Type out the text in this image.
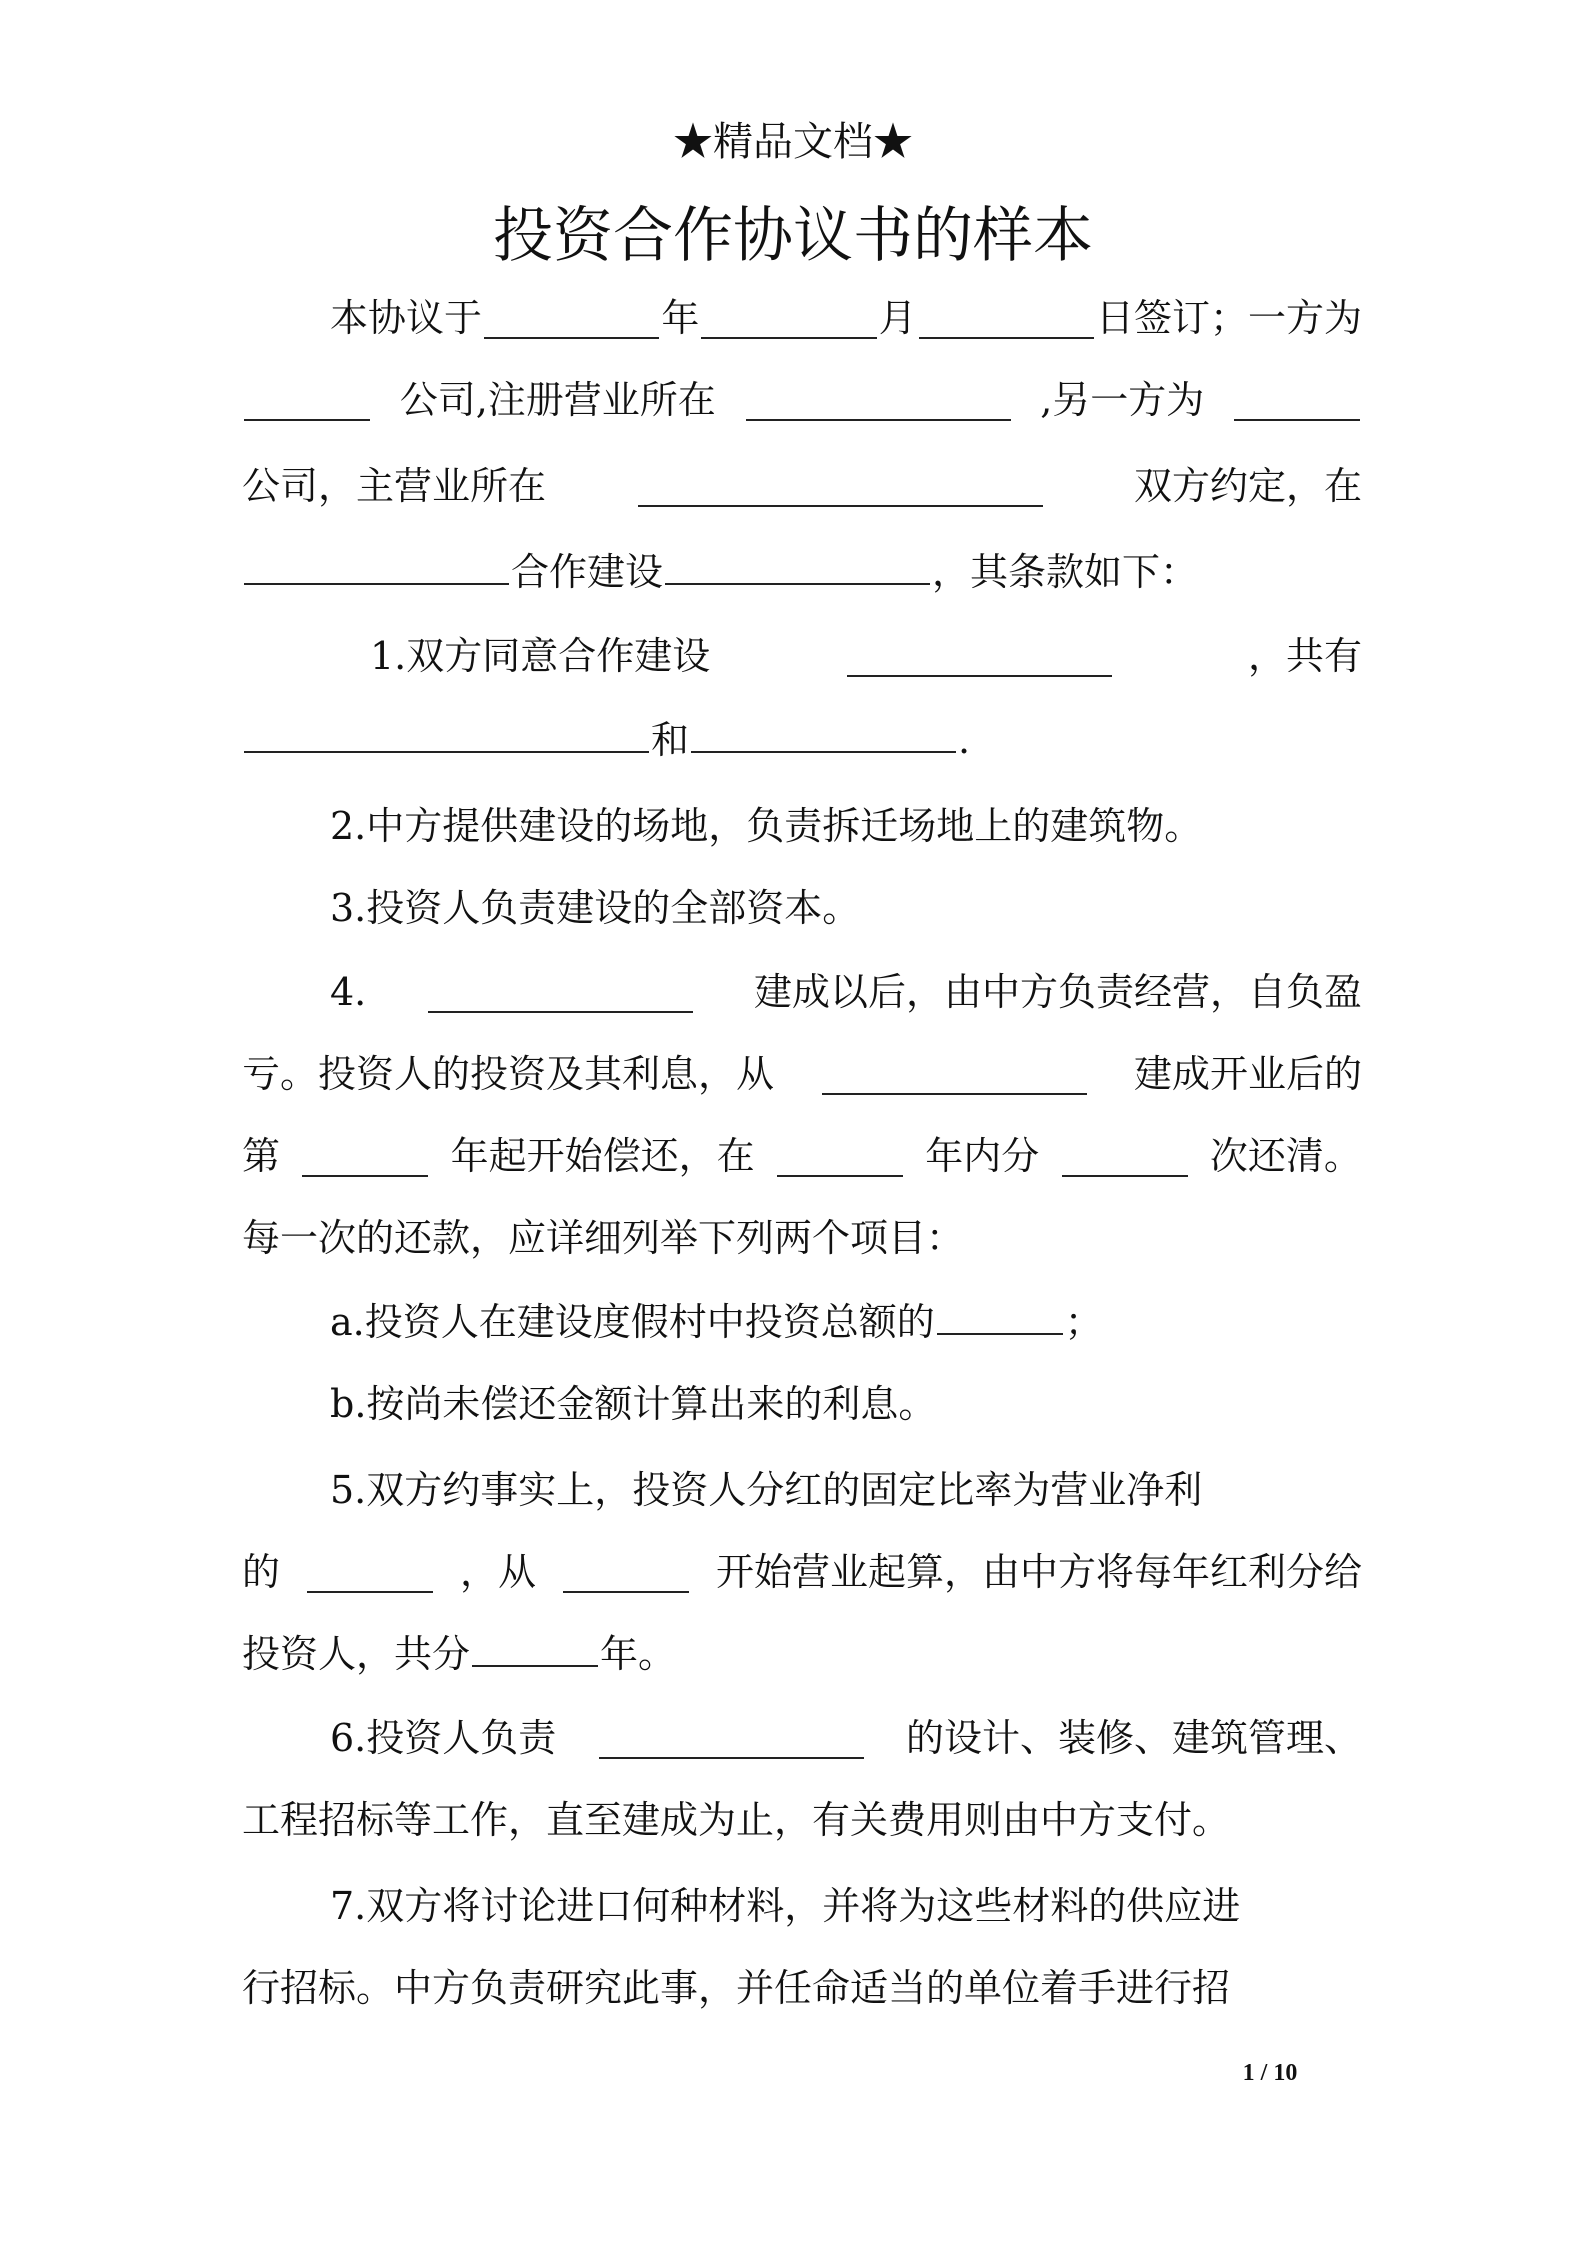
★精品文档★
投资合作协议书的样本
本协议于	年	月	日签订；一方为
公司,注册营业所在	,另一方为
公司，主营业所在	双方约定，在
合作建设	，其条款如下：
1.双方同意合作建设	，共有
和	.
2.中方提供建设的场地，负责拆迁场地上的建筑物。
3.投资人负责建设的全部资本。
4.	建成以后，由中方负责经营，自负盈
亏。投资人的投资及其利息，从	建成开业后的
第	年起开始偿还，在	年内分	次还清。
每一次的还款，应详细列举下列两个项目：
a.投资人在建设度假村中投资总额的	；
b.按尚未偿还金额计算出来的利息。
5.双方约事实上，投资人分红的固定比率为营业净利
的	，从	开始营业起算，由中方将每年红利分给
投资人，共分	年。
6.投资人负责	的设计、装修、建筑管理、
工程招标等工作，直至建成为止，有关费用则由中方支付。
7.双方将讨论进口何种材料，并将为这些材料的供应进
行招标。中方负责研究此事，并任命适当的单位着手进行招
1 / 10
